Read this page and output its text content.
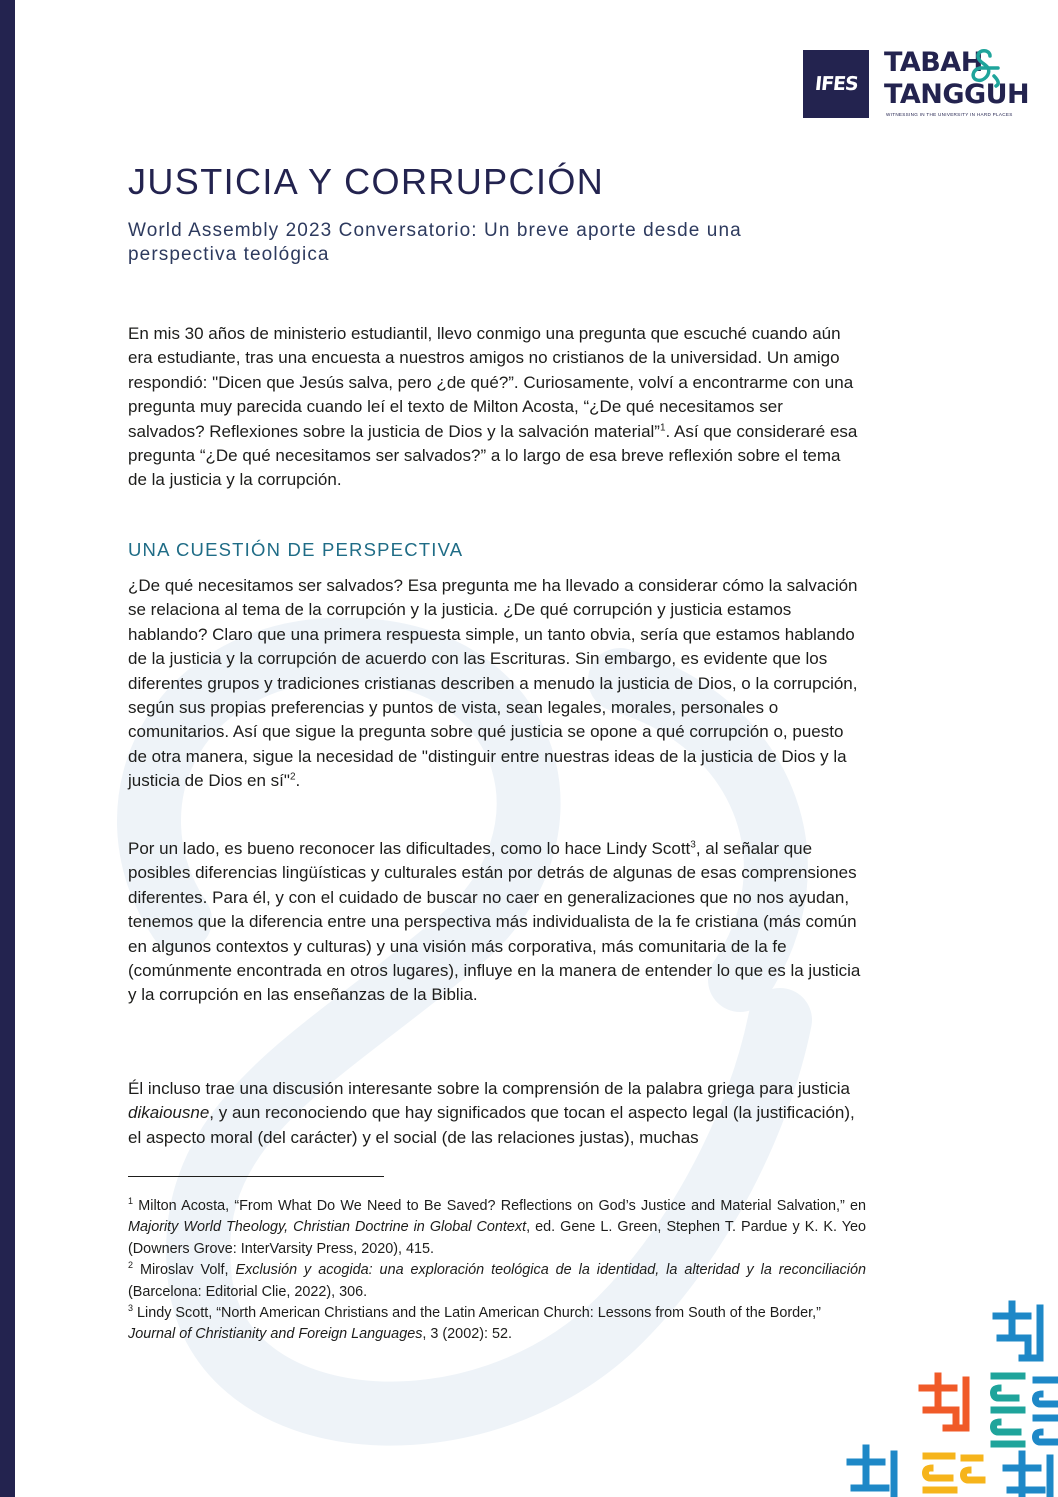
IFES
TABAH
TANGGUH
WITNESSING IN THE UNIVERSITY IN HARD PLACES
JUSTICIA Y CORRUPCIÓN

World Assembly 2023 Conversatorio: Un breve aporte desde una perspectiva teológica

En mis 30 años de ministerio estudiantil, llevo conmigo una pregunta que escuché cuando aún era estudiante, tras una encuesta a nuestros amigos no cristianos de la universidad. Un amigo respondió: "Dicen que Jesús salva, pero ¿de qué?”. Curiosamente, volví a encontrarme con una pregunta muy parecida cuando leí el texto de Milton Acosta, “¿De qué necesitamos ser salvados? Reflexiones sobre la justicia de Dios y la salvación material”$^1$. Así que consideraré esa pregunta “¿De qué necesitamos ser salvados?” a lo largo de esa breve reflexión sobre el tema de la justicia y la corrupción.

UNA CUESTIÓN DE PERSPECTIVA

¿De qué necesitamos ser salvados? Esa pregunta me ha llevado a considerar cómo la salvación se relaciona al tema de la corrupción y la justicia. ¿De qué corrupción y justicia estamos hablando? Claro que una primera respuesta simple, un tanto obvia, sería que estamos hablando de la justicia y la corrupción de acuerdo con las Escrituras. Sin embargo, es evidente que los diferentes grupos y tradiciones cristianas describen a menudo la justicia de Dios, o la corrupción, según sus propias preferencias y puntos de vista, sean legales, morales, personales o comunitarios. Así que sigue la pregunta sobre qué justicia se opone a qué corrupción o, puesto de otra manera, sigue la necesidad de "distinguir entre nuestras ideas de la justicia de Dios y la justicia de Dios en sí"$^2$.

Por un lado, es bueno reconocer las dificultades, como lo hace Lindy Scott$^3$, al señalar que posibles diferencias lingüísticas y culturales están por detrás de algunas de esas comprensiones diferentes. Para él, y con el cuidado de buscar no caer en generalizaciones que no nos ayudan, tenemos que la diferencia entre una perspectiva más individualista de la fe cristiana (más común en algunos contextos y culturas) y una visión más corporativa, más comunitaria de la fe (comúnmente encontrada en otros lugares), influye en la manera de entender lo que es la justicia y la corrupción en las enseñanzas de la Biblia.

Él incluso trae una discusión interesante sobre la comprensión de la palabra griega para justicia dikaiousne, y aun reconociendo que hay significados que tocan el aspecto legal (la justificación), el aspecto moral (del carácter) y el social (de las relaciones justas), muchas

$^1$ Milton Acosta, “From What Do We Need to Be Saved? Reflections on God’s Justice and Material Salvation,” en Majority World Theology, Christian Doctrine in Global Context, ed. Gene L. Green, Stephen T. Pardue y K. K. Yeo (Downers Grove: InterVarsity Press, 2020), 415.

$^2$ Miroslav Volf, Exclusión y acogida: una exploración teológica de la identidad, la alteridad y la reconciliación (Barcelona: Editorial Clie, 2022), 306.

$^3$ Lindy Scott, “North American Christians and the Latin American Church: Lessons from South of the Border,” Journal of Christianity and Foreign Languages, 3 (2002): 52.
